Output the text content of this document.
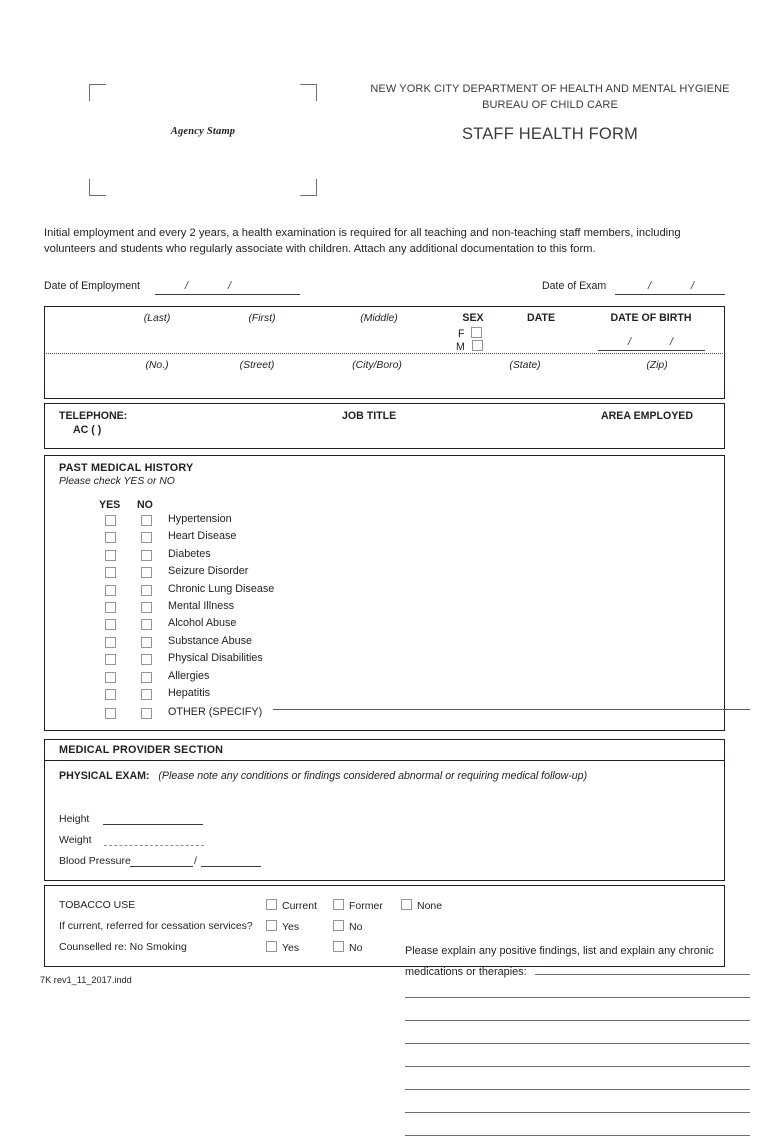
Agency Stamp
NEW YORK CITY DEPARTMENT OF HEALTH AND MENTAL HYGIENE
BUREAU OF CHILD CARE
STAFF HEALTH FORM
Initial employment and every 2 years, a health examination is required for all teaching and non-teaching staff members, including volunteers and students who regularly associate with children. Attach any additional documentation to this form.
Date of Employment	/	/	Date of Exam	/	/
(Last)	(First)	(Middle)	SEX	DATE	DATE OF BIRTH
F
M	/	/
(No.)	(Street)	(City/Boro)	(State)	(Zip)
TELEPHONE:
AC ( )
JOB TITLE	AREA EMPLOYED
PAST MEDICAL HISTORY
Please check YES or NO
YES NO
Hypertension
Heart Disease
Diabetes
Seizure Disorder
Chronic Lung Disease
Mental Illness
Alcohol Abuse
Substance Abuse
Physical Disabilities
Allergies
Hepatitis
OTHER (SPECIFY)
Please explain any positive findings, list and explain any chronic
medications or therapies:
MEDICAL PROVIDER SECTION
PHYSICAL EXAM: (Please note any conditions or findings considered abnormal or requiring medical follow-up)
Height
Weight
Blood Pressure	/
TOBACCO USE	Current	Former	None
If current, referred for cessation services?	Yes	No
Counselled re: No Smoking	Yes	No
7K rev1_11_2017.indd
